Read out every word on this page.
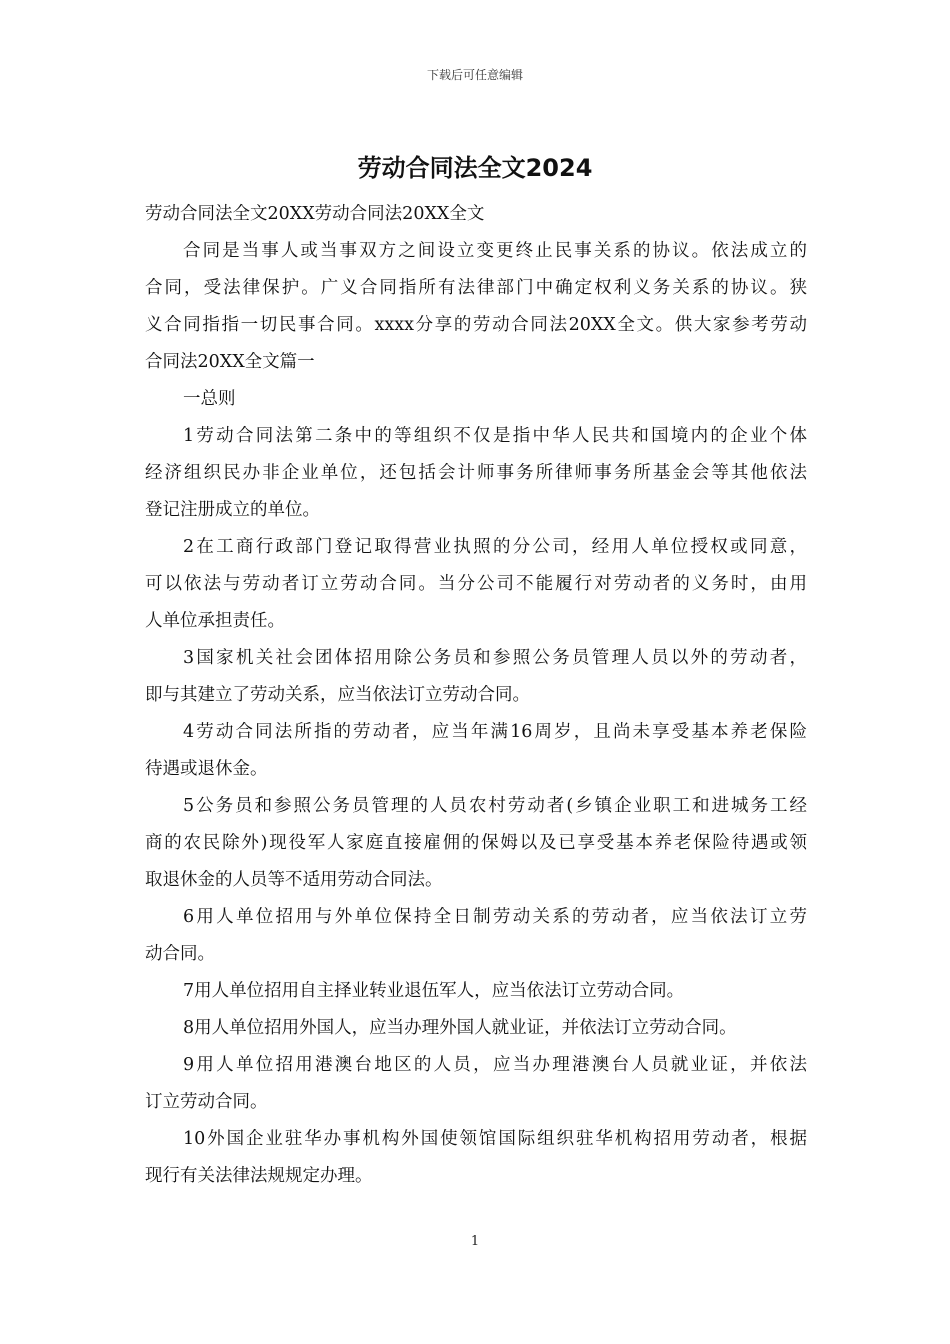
下载后可任意编辑
劳动合同法全文2024

劳动合同法全文20XX劳动合同法20XX全文

合同是当事人或当事双方之间设立变更终止民事关系的协议。依法成立的

合同，受法律保护。广义合同指所有法律部门中确定权利义务关系的协议。狭

义合同指指一切民事合同。xxxx分享的劳动合同法20XX全文。供大家参考劳动

合同法20XX全文篇一

一总则

1劳动合同法第二条中的等组织不仅是指中华人民共和国境内的企业个体

经济组织民办非企业单位，还包括会计师事务所律师事务所基金会等其他依法

登记注册成立的单位。

2在工商行政部门登记取得营业执照的分公司，经用人单位授权或同意，

可以依法与劳动者订立劳动合同。当分公司不能履行对劳动者的义务时，由用

人单位承担责任。

3国家机关社会团体招用除公务员和参照公务员管理人员以外的劳动者，

即与其建立了劳动关系，应当依法订立劳动合同。

4劳动合同法所指的劳动者，应当年满16周岁，且尚未享受基本养老保险

待遇或退休金。

5公务员和参照公务员管理的人员农村劳动者(乡镇企业职工和进城务工经

商的农民除外)现役军人家庭直接雇佣的保姆以及已享受基本养老保险待遇或领

取退休金的人员等不适用劳动合同法。

6用人单位招用与外单位保持全日制劳动关系的劳动者，应当依法订立劳

动合同。

7用人单位招用自主择业转业退伍军人，应当依法订立劳动合同。

8用人单位招用外国人，应当办理外国人就业证，并依法订立劳动合同。

9用人单位招用港澳台地区的人员，应当办理港澳台人员就业证，并依法

订立劳动合同。

10外国企业驻华办事机构外国使领馆国际组织驻华机构招用劳动者，根据

现行有关法律法规规定办理。

1
